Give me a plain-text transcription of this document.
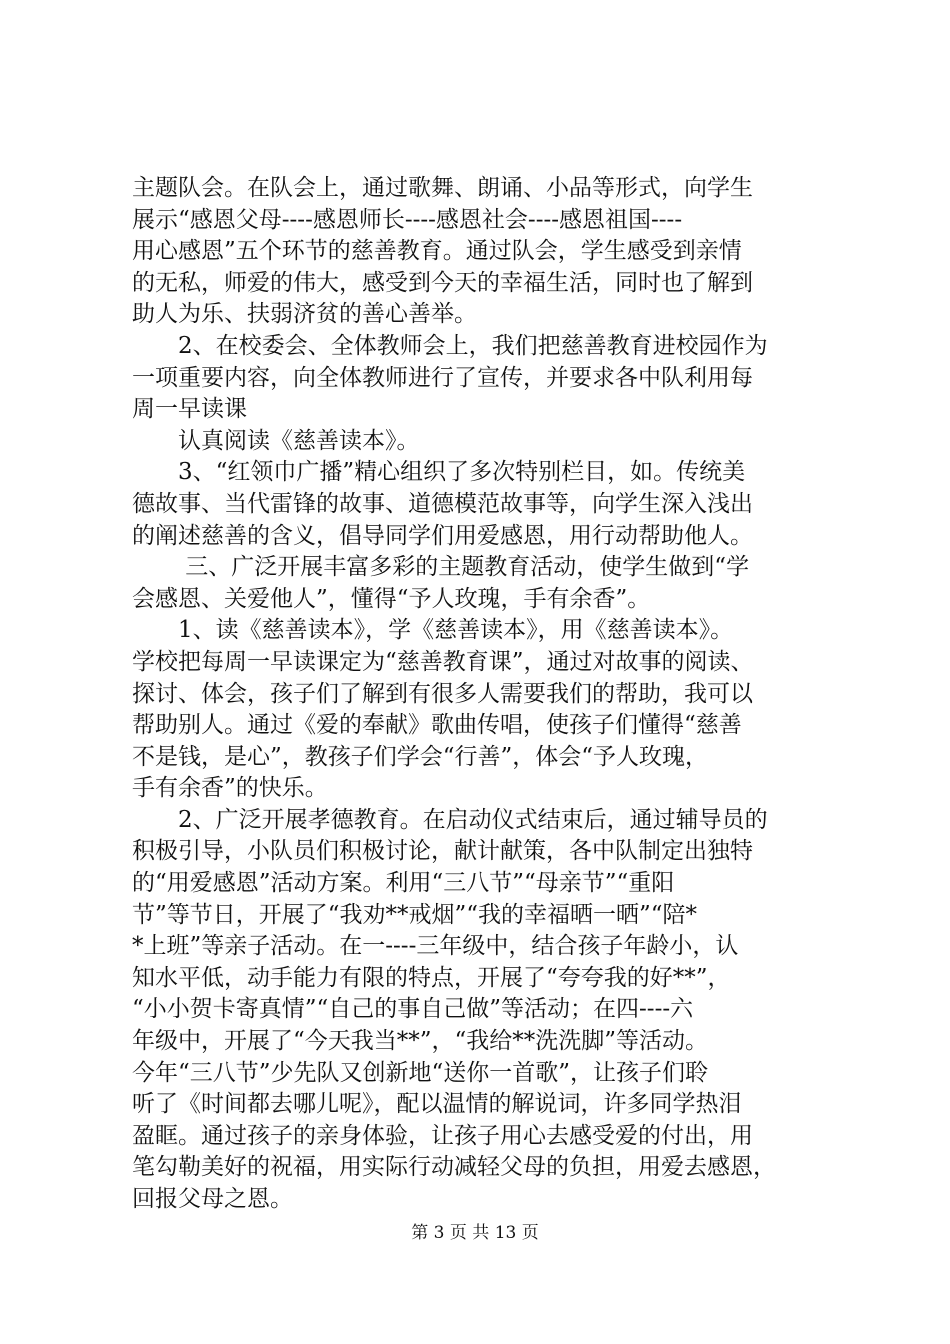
主题队会。在队会上，通过歌舞、朗诵、小品等形式，向学生
展示“感恩父母----感恩师长----感恩社会----感恩祖国----
用心感恩”五个环节的慈善教育。通过队会，学生感受到亲情
的无私，师爱的伟大，感受到今天的幸福生活，同时也了解到
助人为乐、扶弱济贫的善心善举。
　　2、在校委会、全体教师会上，我们把慈善教育进校园作为
一项重要内容，向全体教师进行了宣传，并要求各中队利用每
周一早读课
　　认真阅读《慈善读本》。
　　3、“红领巾广播”精心组织了多次特别栏目，如。传统美
德故事、当代雷锋的故事、道德模范故事等，向学生深入浅出
的阐述慈善的含义，倡导同学们用爱感恩，用行动帮助他人。
　　 三、广泛开展丰富多彩的主题教育活动，使学生做到“学
会感恩、关爱他人”，懂得“予人玫瑰，手有余香”。
　　1、读《慈善读本》，学《慈善读本》，用《慈善读本》。
学校把每周一早读课定为“慈善教育课”，通过对故事的阅读、
探讨、体会，孩子们了解到有很多人需要我们的帮助，我可以
帮助别人。通过《爱的奉献》歌曲传唱，使孩子们懂得“慈善
不是钱，是心”，教孩子们学会“行善”，体会“予人玫瑰，
手有余香”的快乐。
　　2、广泛开展孝德教育。在启动仪式结束后，通过辅导员的
积极引导，小队员们积极讨论，献计献策，各中队制定出独特
的“用爱感恩”活动方案。利用“三八节”“母亲节”“重阳
节”等节日，开展了“我劝**戒烟”“我的幸福晒一晒”“陪*
*上班”等亲子活动。在一----三年级中，结合孩子年龄小，认
知水平低，动手能力有限的特点，开展了“夸夸我的好**”，
“小小贺卡寄真情”“自己的事自己做”等活动；在四----六
年级中，开展了“今天我当**”，“我给**洗洗脚”等活动。
今年“三八节”少先队又创新地“送你一首歌”，让孩子们聆
听了《时间都去哪儿呢》，配以温情的解说词，许多同学热泪
盈眶。通过孩子的亲身体验，让孩子用心去感受爱的付出，用
笔勾勒美好的祝福，用实际行动减轻父母的负担，用爱去感恩，
回报父母之恩。
第 3 页 共 13 页
